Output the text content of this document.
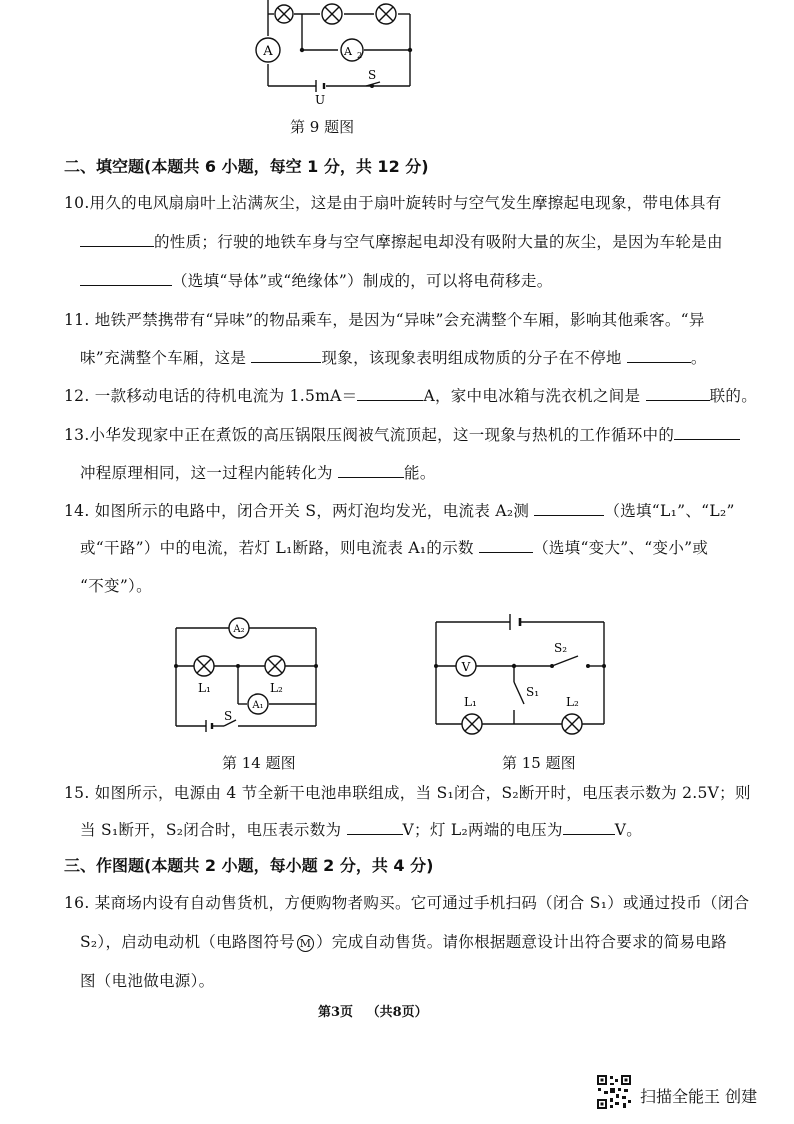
A	A 2
S
U
第 9 题图
二、填空题(本题共 6 小题，每空 1 分，共 12 分)
10.用久的电风扇扇叶上沾满灰尘，这是由于扇叶旋转时与空气发生摩擦起电现象，带电体具有
的性质；行驶的地铁车身与空气摩擦起电却没有吸附大量的灰尘，是因为车轮是由
（选填“导体”或“绝缘体”）制成的，可以将电荷移走。
11. 地铁严禁携带有“异味”的物品乘车，是因为“异味”会充满整个车厢，影响其他乘客。“异
味”充满整个车厢，这是	现象，该现象表明组成物质的分子在不停地	。
12. 一款移动电话的待机电流为 1.5mA＝	A，家中电冰箱与洗衣机之间是	联的。
13.小华发现家中正在煮饭的高压锅限压阀被气流顶起，这一现象与热机的工作循环中的
冲程原理相同，这一过程内能转化为	能。
14. 如图所示的电路中，闭合开关 S，两灯泡均发光，电流表 A₂测	（选填“L₁”、“L₂”
或“干路”）中的电流，若灯 L₁断路，则电流表 A₁的示数	（选填“变大”、“变小”或
“不变”）。
A₂
A₁
L₁	L₂
S
第 14 题图
V
S₂
S₁
L₁	L₂
第 15 题图
15. 如图所示，电源由 4 节全新干电池串联组成，当 S₁闭合，S₂断开时，电压表示数为 2.5V；则
当 S₁断开，S₂闭合时，电压表示数为	V；灯 L₂两端的电压为	V。
三、作图题(本题共 2 小题，每小题 2 分，共 4 分)
16. 某商场内设有自动售货机，方便购物者购买。它可通过手机扫码（闭合 S₁）或通过投币（闭合
S₂），启动电动机（电路图符号 M ）完成自动售货。请你根据题意设计出符合要求的简易电路
图（电池做电源）。
第3页 （共8页）
扫描全能王 创建
